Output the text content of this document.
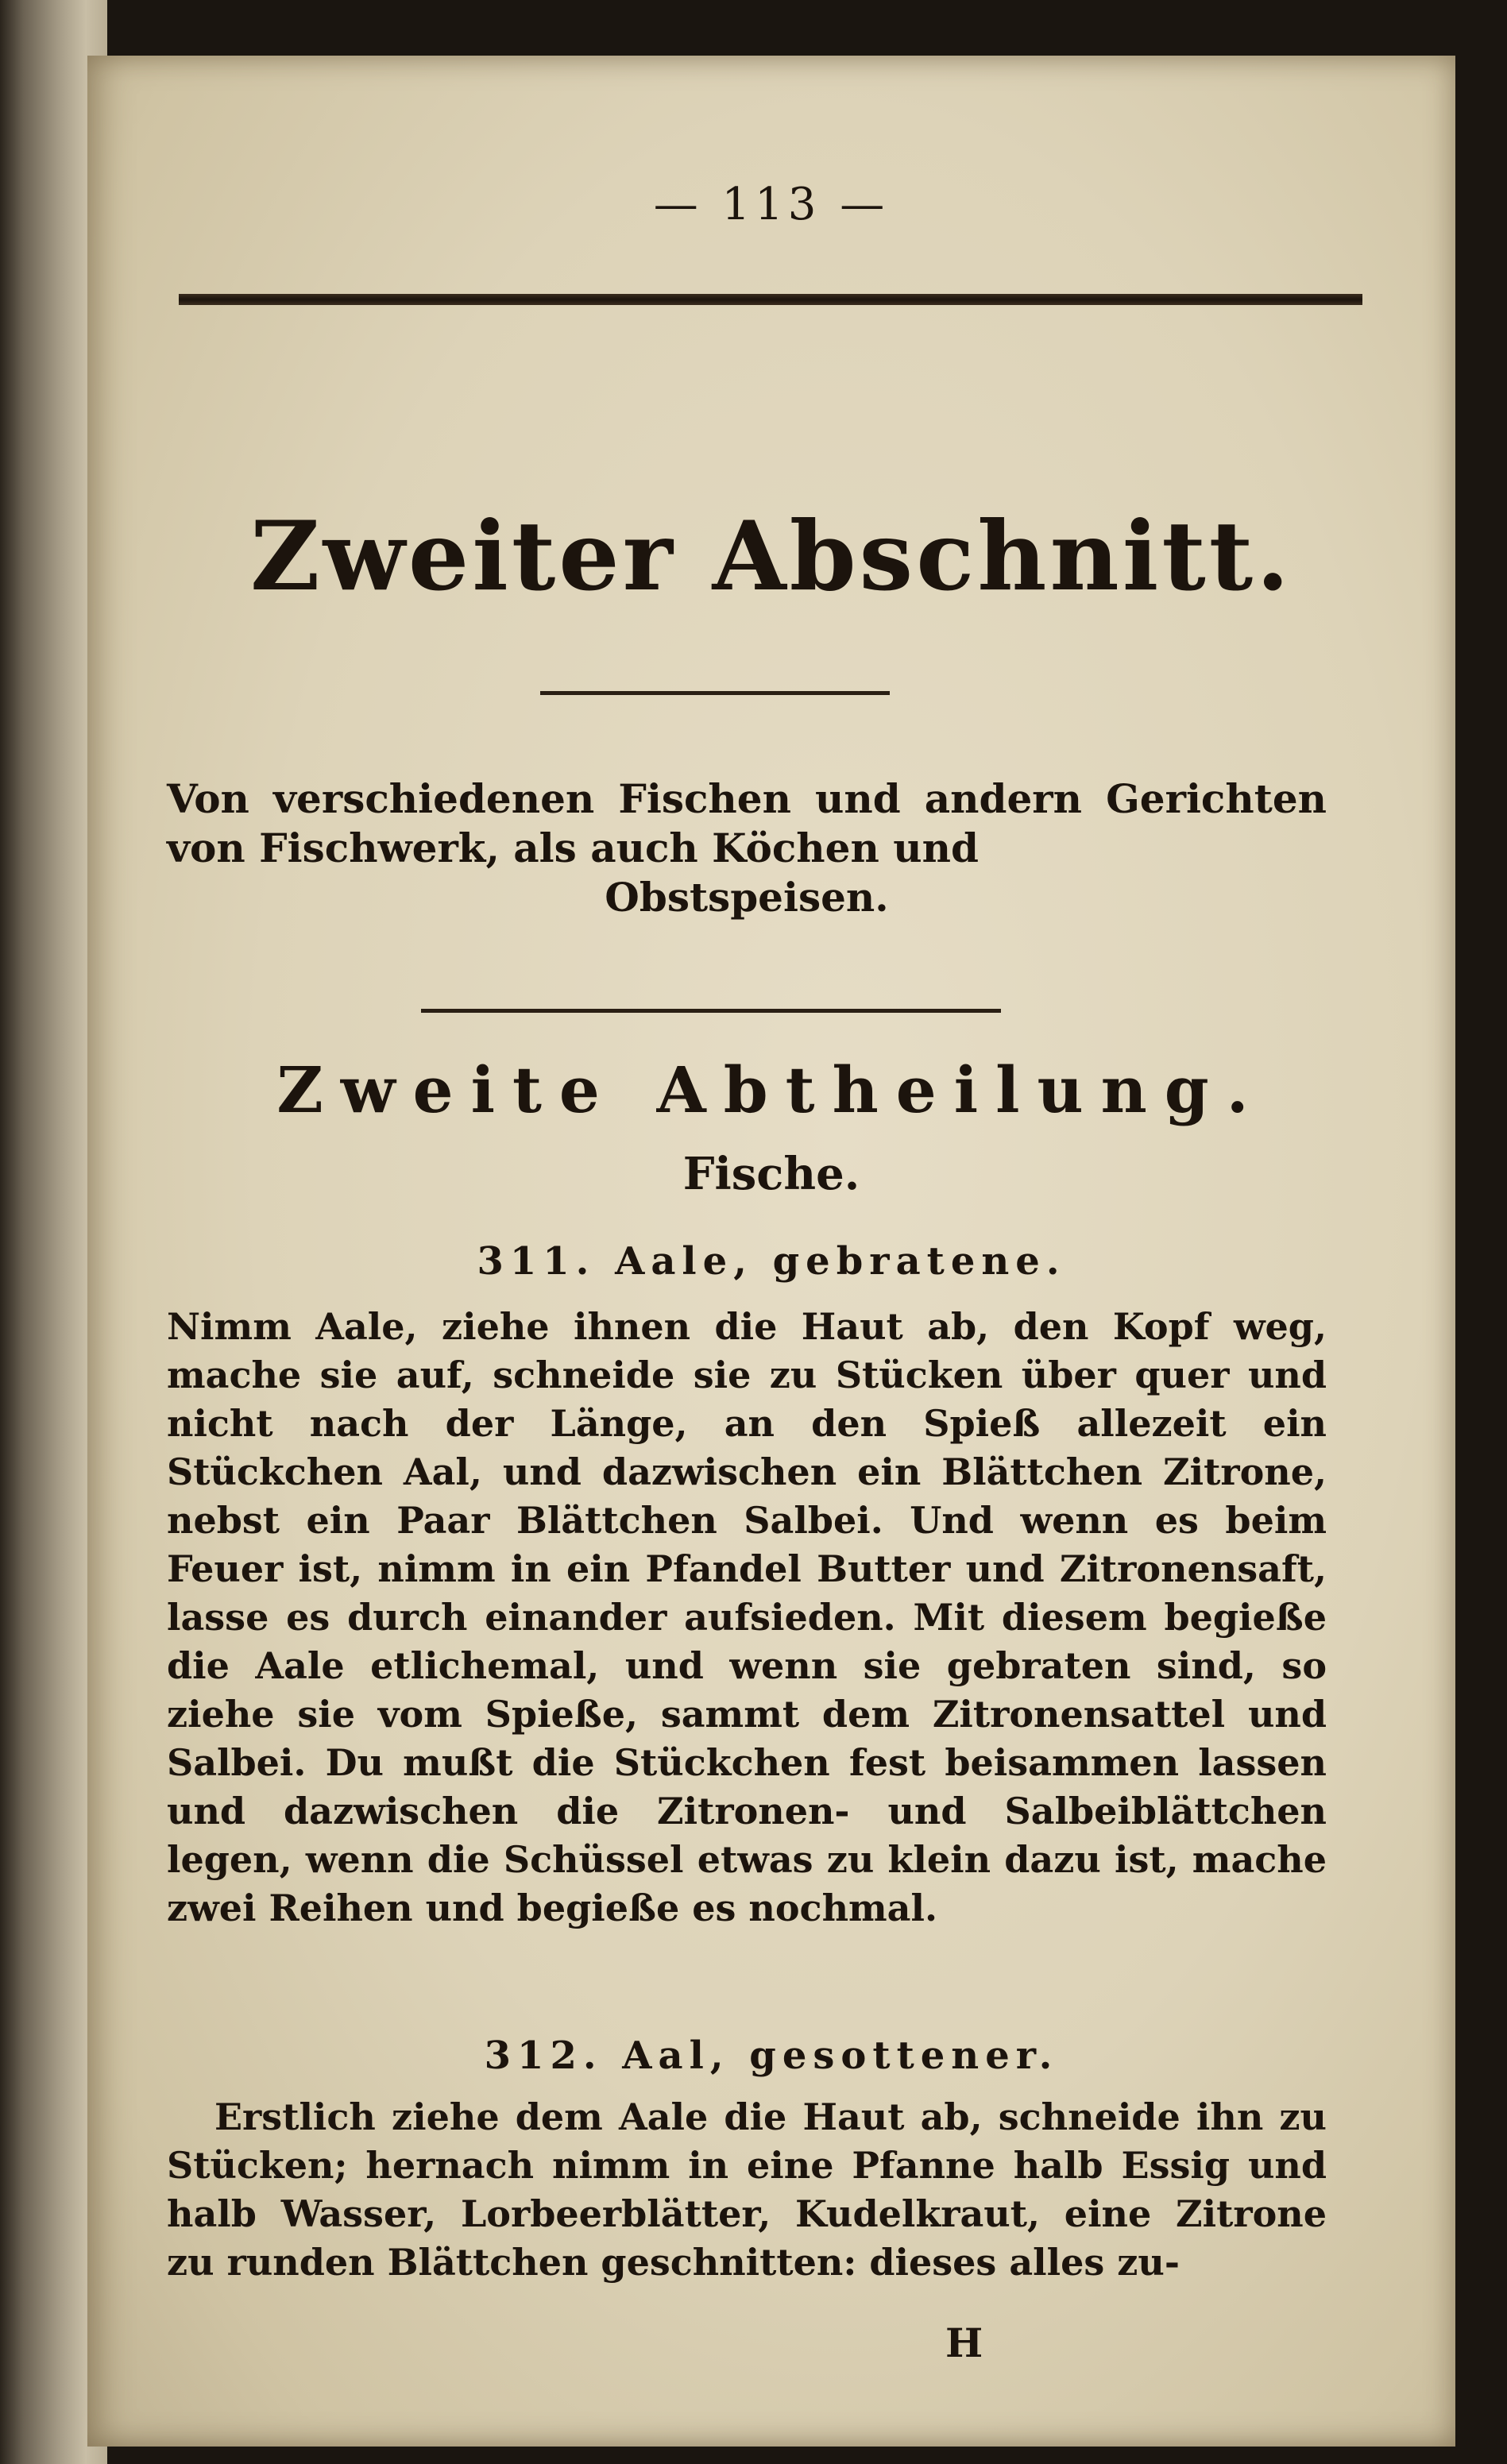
— 113 —
Zweiter Abschnitt.
Von verschiedenen Fischen und andern Gerichten von Fischwerk, als auch Köchen und
Obstspeisen.
Zweite Abtheilung.
Fische.
311. Aale, gebratene.
Nimm Aale, ziehe ihnen die Haut ab, den Kopf weg, mache sie auf, schneide sie zu Stücken über quer und nicht nach der Länge, an den Spieß allezeit ein Stückchen Aal, und dazwischen ein Blättchen Zitrone, nebst ein Paar Blättchen Salbei. Und wenn es beim Feuer ist, nimm in ein Pfandel Butter und Zitronensaft, lasse es durch einander aufsieden. Mit diesem begieße die Aale etlichemal, und wenn sie gebraten sind, so ziehe sie vom Spieße, sammt dem Zitronensattel und Salbei. Du mußt die Stückchen fest beisammen lassen und dazwischen die Zitronen- und Salbeiblättchen legen, wenn die Schüssel etwas zu klein dazu ist, mache zwei Reihen und begieße es nochmal.
312. Aal, gesottener.
Erstlich ziehe dem Aale die Haut ab, schneide ihn zu Stücken; hernach nimm in eine Pfanne halb Essig und halb Wasser, Lorbeerblätter, Kudelkraut, eine Zitrone zu runden Blättchen geschnitten: dieses alles zu-
H
